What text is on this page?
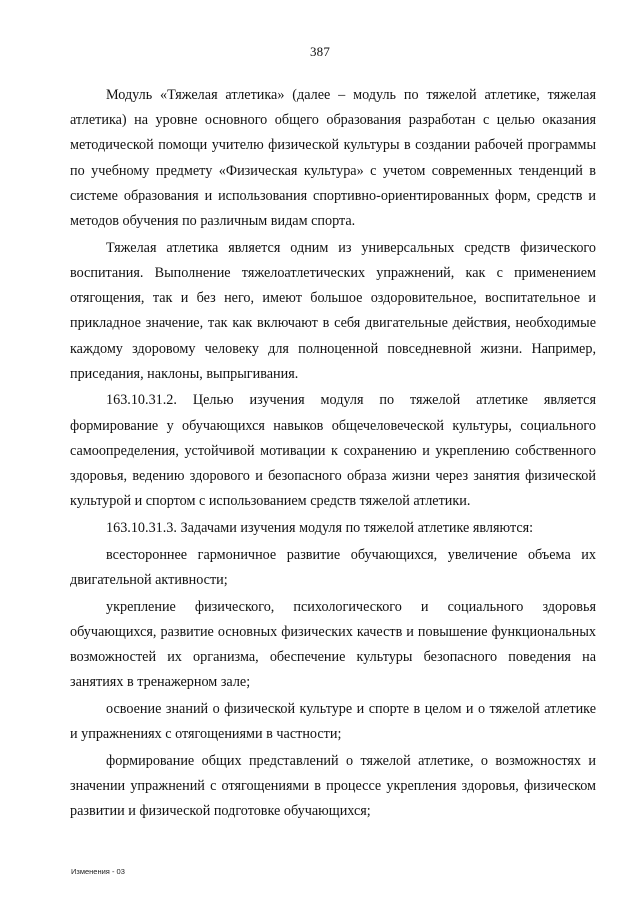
387

Модуль «Тяжелая атлетика» (далее – модуль по тяжелой атлетике, тяжелая атлетика) на уровне основного общего образования разработан с целью оказания методической помощи учителю физической культуры в создании рабочей программы по учебному предмету «Физическая культура» с учетом современных тенденций в системе образования и использования спортивно-ориентированных форм, средств и методов обучения по различным видам спорта.

Тяжелая атлетика является одним из универсальных средств физического воспитания. Выполнение тяжелоатлетических упражнений, как с применением отягощения, так и без него, имеют большое оздоровительное, воспитательное и прикладное значение, так как включают в себя двигательные действия, необходимые каждому здоровому человеку для полноценной повседневной жизни. Например, приседания, наклоны, выпрыгивания.

163.10.31.2. Целью изучения модуля по тяжелой атлетике является формирование у обучающихся навыков общечеловеческой культуры, социального самоопределения, устойчивой мотивации к сохранению и укреплению собственного здоровья, ведению здорового и безопасного образа жизни через занятия физической культурой и спортом с использованием средств тяжелой атлетики.

163.10.31.3. Задачами изучения модуля по тяжелой атлетике являются:

всестороннее гармоничное развитие обучающихся, увеличение объема их двигательной активности;

укрепление физического, психологического и социального здоровья обучающихся, развитие основных физических качеств и повышение функциональных возможностей их организма, обеспечение культуры безопасного поведения на занятиях в тренажерном зале;

освоение знаний о физической культуре и спорте в целом и о тяжелой атлетике и упражнениях с отягощениями в частности;

формирование общих представлений о тяжелой атлетике, о возможностях и значении упражнений с отягощениями в процессе укрепления здоровья, физическом развитии и физической подготовке обучающихся;

Изменения - 03
